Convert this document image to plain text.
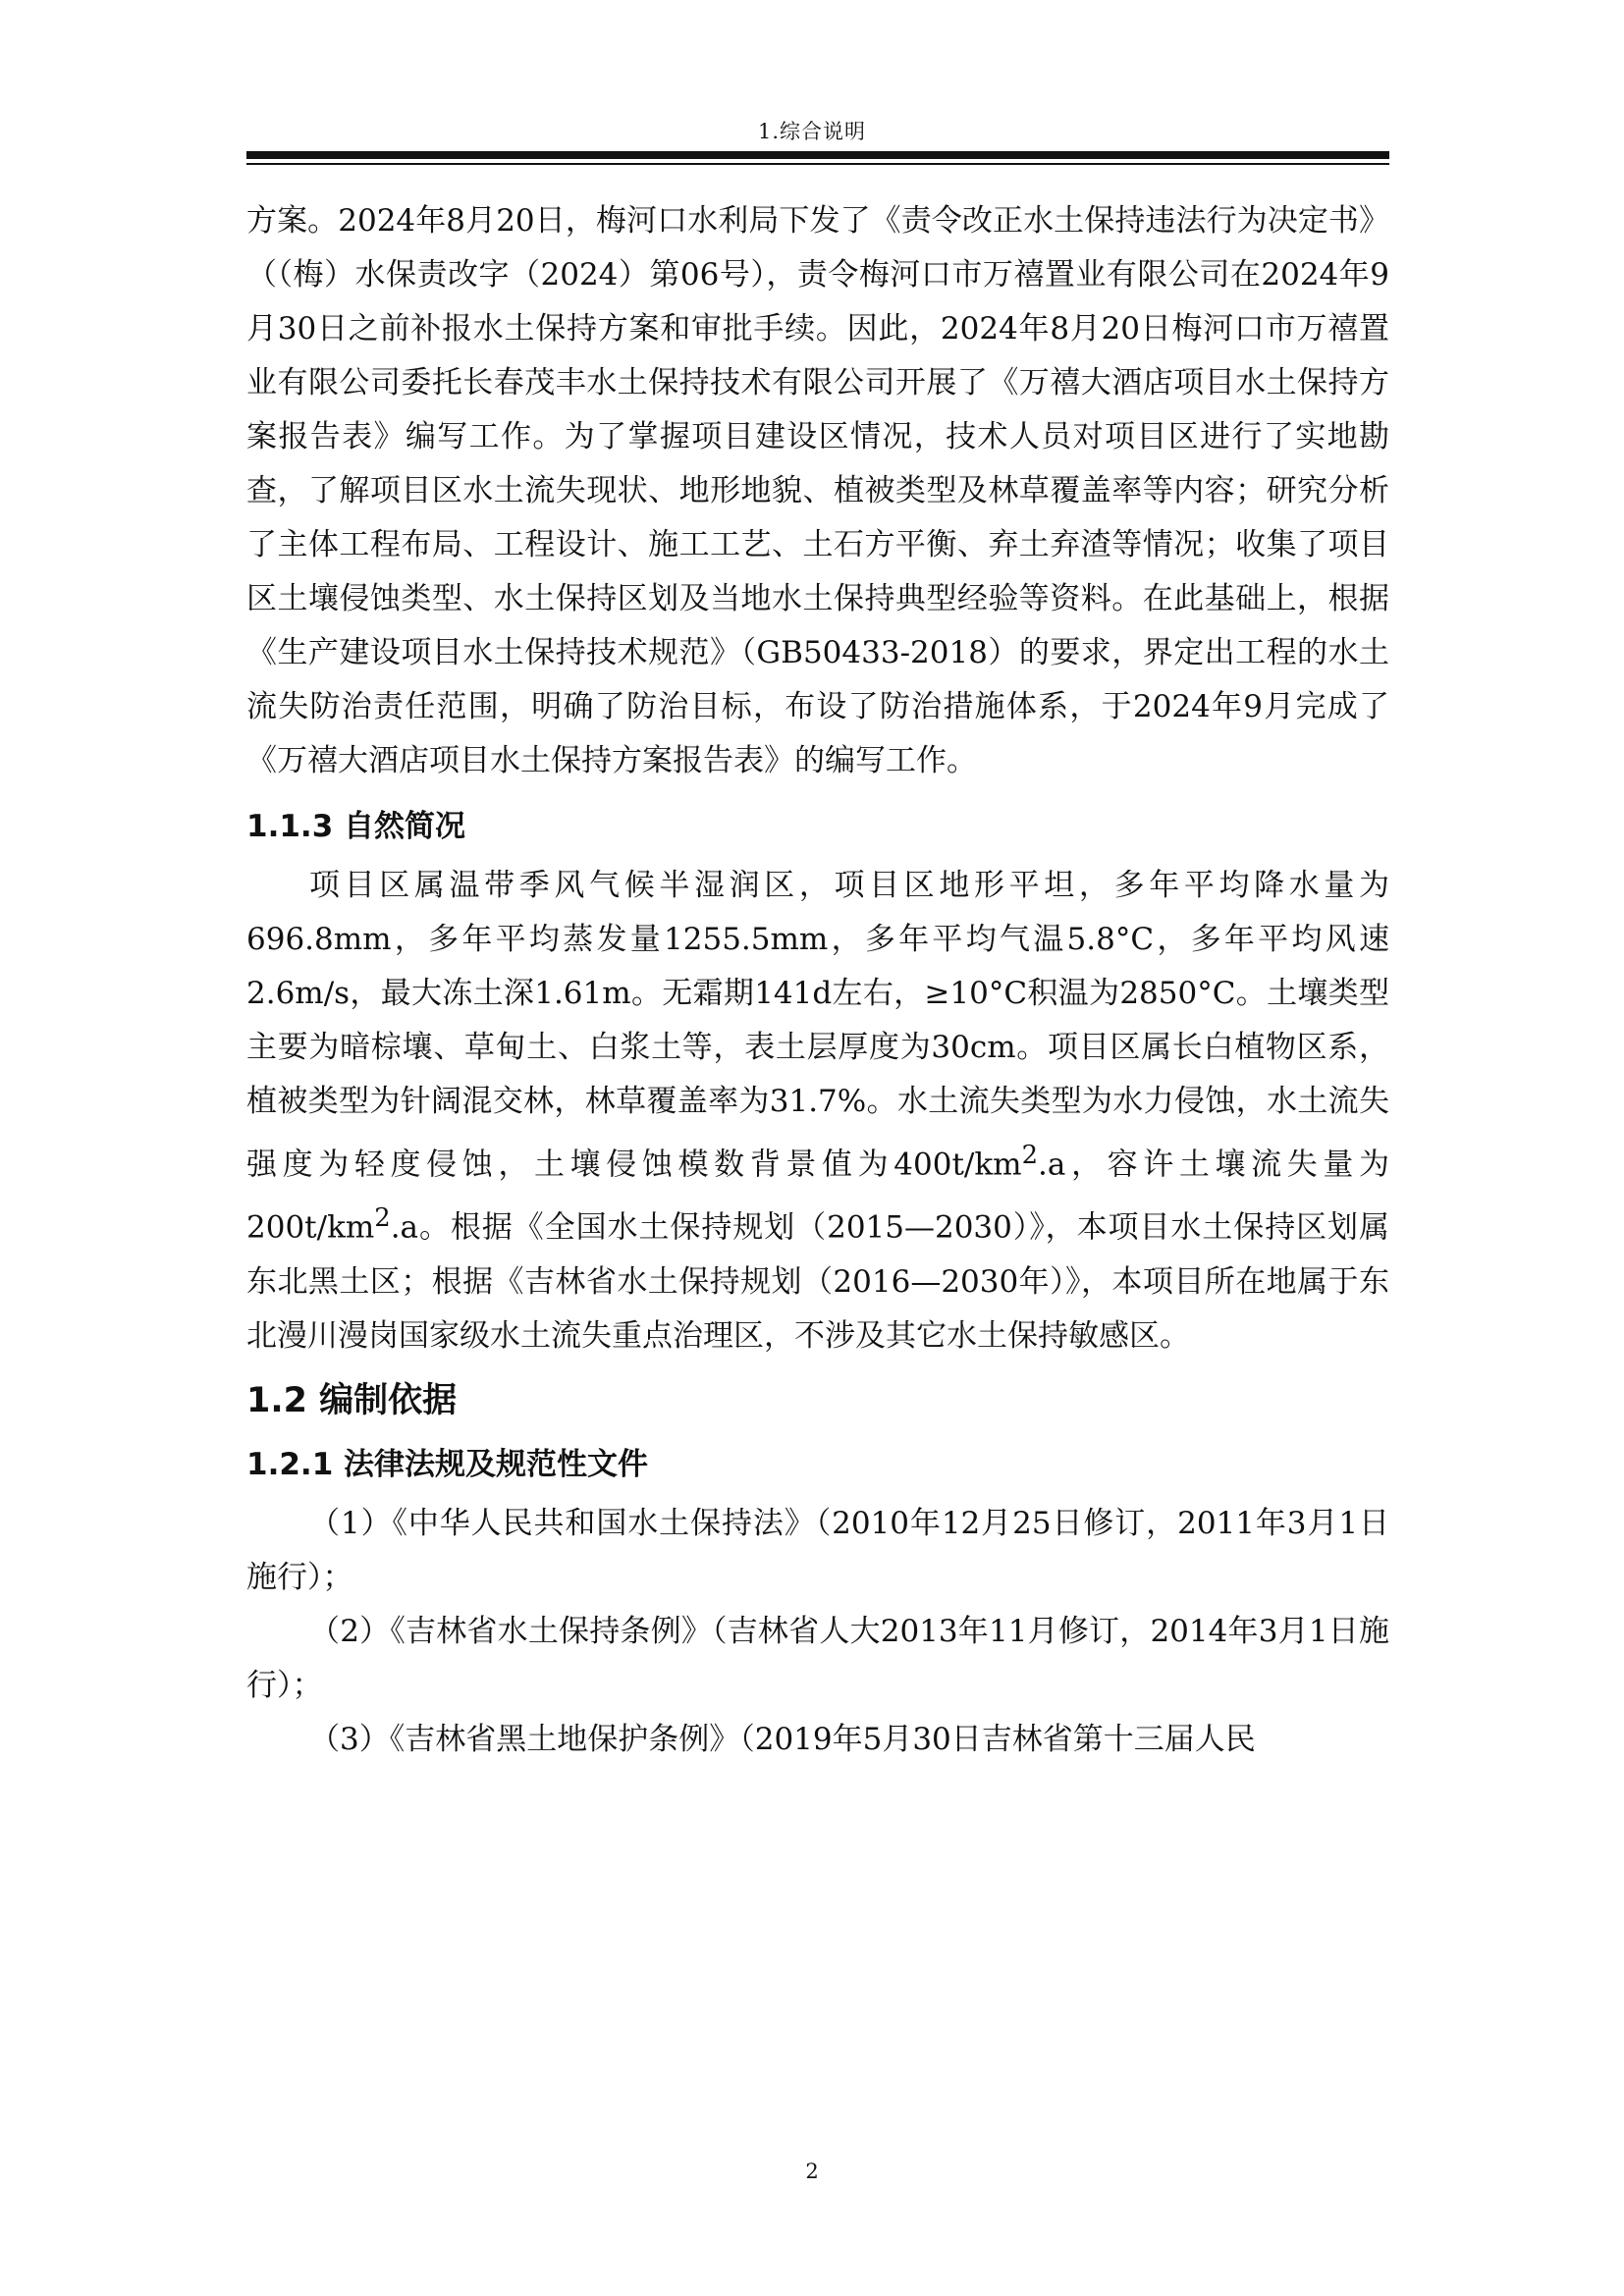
1.综合说明

方案。2024年8月20日，梅河口水利局下发了《责令改正水土保持违法行为决定书》（（梅）水保责改字（2024）第06号），责令梅河口市万禧置业有限公司在2024年9月30日之前补报水土保持方案和审批手续。因此，2024年8月20日梅河口市万禧置业有限公司委托长春茂丰水土保持技术有限公司开展了《万禧大酒店项目水土保持方案报告表》编写工作。为了掌握项目建设区情况，技术人员对项目区进行了实地勘查，了解项目区水土流失现状、地形地貌、植被类型及林草覆盖率等内容；研究分析了主体工程布局、工程设计、施工工艺、土石方平衡、弃土弃渣等情况；收集了项目区土壤侵蚀类型、水土保持区划及当地水土保持典型经验等资料。在此基础上，根据《生产建设项目水土保持技术规范》（GB50433-2018）的要求，界定出工程的水土流失防治责任范围，明确了防治目标，布设了防治措施体系，于2024年9月完成了《万禧大酒店项目水土保持方案报告表》的编写工作。

1.1.3 自然简况

项目区属温带季风气候半湿润区，项目区地形平坦，多年平均降水量为696.8mm，多年平均蒸发量1255.5mm，多年平均气温5.8°C，多年平均风速2.6m/s，最大冻土深1.61m。无霜期141d左右，≥10°C积温为2850°C。土壤类型主要为暗棕壤、草甸土、白浆土等，表土层厚度为30cm。项目区属长白植物区系，植被类型为针阔混交林，林草覆盖率为31.7%。水土流失类型为水力侵蚀，水土流失强度为轻度侵蚀，土壤侵蚀模数背景值为$400t/km^2.a$，容许土壤流失量为$200t/km^2.a$。根据《全国水土保持规划（2015—2030）》，本项目水土保持区划属东北黑土区；根据《吉林省水土保持规划（2016—2030年）》，本项目所在地属于东北漫川漫岗国家级水土流失重点治理区，不涉及其它水土保持敏感区。

1.2 编制依据
1.2.1 法律法规及规范性文件

（1）《中华人民共和国水土保持法》（2010年12月25日修订，2011年3月1日施行）；

（2）《吉林省水土保持条例》（吉林省人大2013年11月修订，2014年3月1日施行）；

（3）《吉林省黑土地保护条例》（2019年5月30日吉林省第十三届人民

2
